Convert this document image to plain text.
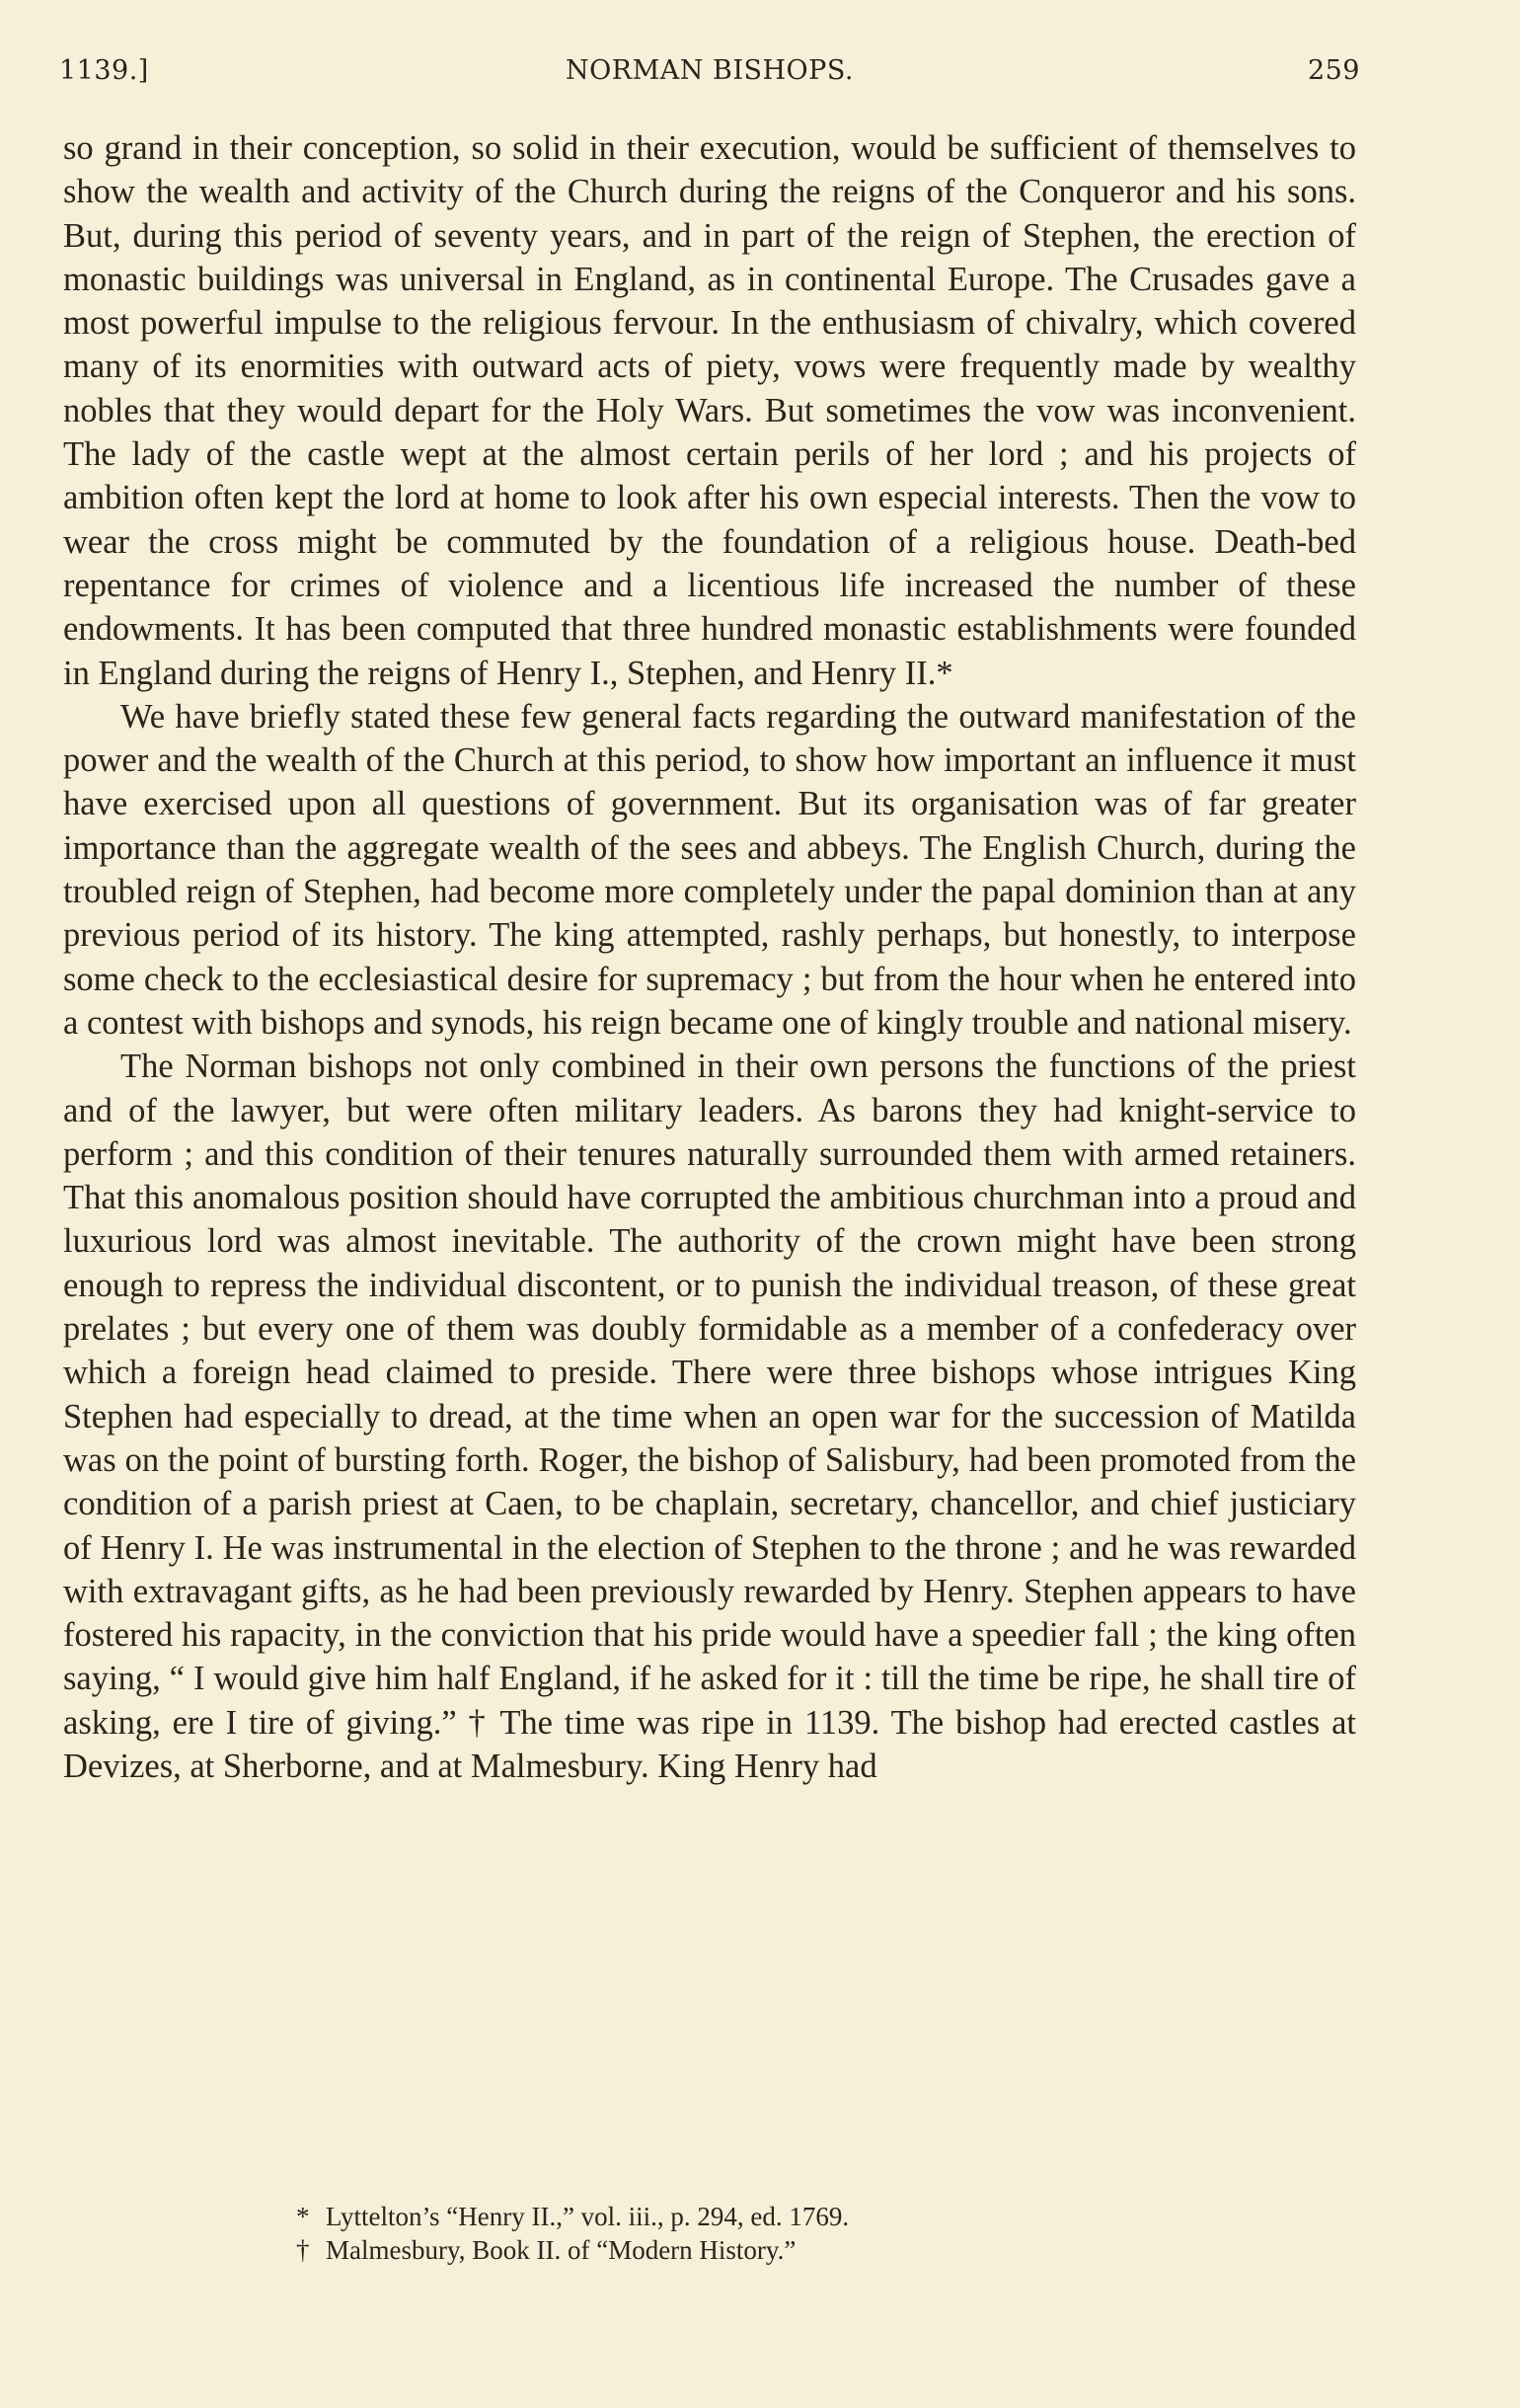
1139.]	NORMAN BISHOPS.	259

so grand in their conception, so solid in their execution, would be sufficient of themselves to show the wealth and activity of the Church during the reigns of the Conqueror and his sons. But, during this period of seventy years, and in part of the reign of Stephen, the erection of monastic buildings was universal in England, as in continental Europe. The Crusades gave a most powerful impulse to the religious fervour. In the enthusiasm of chivalry, which covered many of its enormities with outward acts of piety, vows were frequently made by wealthy nobles that they would depart for the Holy Wars. But sometimes the vow was inconvenient. The lady of the castle wept at the almost certain perils of her lord ; and his projects of ambition often kept the lord at home to look after his own especial interests. Then the vow to wear the cross might be commuted by the foundation of a religious house. Death-bed repentance for crimes of violence and a licentious life increased the number of these endowments. It has been computed that three hundred monastic establishments were founded in England during the reigns of Henry I., Stephen, and Henry II.*

We have briefly stated these few general facts regarding the outward manifestation of the power and the wealth of the Church at this period, to show how important an influence it must have exercised upon all questions of government. But its organisation was of far greater importance than the aggregate wealth of the sees and abbeys. The English Church, during the troubled reign of Stephen, had become more completely under the papal dominion than at any previous period of its history. The king attempted, rashly perhaps, but honestly, to interpose some check to the ecclesiastical desire for supremacy ; but from the hour when he entered into a contest with bishops and synods, his reign became one of kingly trouble and national misery.

The Norman bishops not only combined in their own persons the functions of the priest and of the lawyer, but were often military leaders. As barons they had knight-service to perform ; and this condition of their tenures naturally surrounded them with armed retainers. That this anomalous position should have corrupted the ambitious churchman into a proud and luxurious lord was almost inevitable. The authority of the crown might have been strong enough to repress the individual discontent, or to punish the individual treason, of these great prelates ; but every one of them was doubly formidable as a member of a confederacy over which a foreign head claimed to preside. There were three bishops whose intrigues King Stephen had especially to dread, at the time when an open war for the succession of Matilda was on the point of bursting forth. Roger, the bishop of Salisbury, had been promoted from the condition of a parish priest at Caen, to be chaplain, secretary, chancellor, and chief justiciary of Henry I. He was instrumental in the election of Stephen to the throne ; and he was rewarded with extravagant gifts, as he had been previously rewarded by Henry. Stephen appears to have fostered his rapacity, in the conviction that his pride would have a speedier fall ; the king often saying, “ I would give him half England, if he asked for it : till the time be ripe, he shall tire of asking, ere I tire of giving.” † The time was ripe in 1139. The bishop had erected castles at Devizes, at Sherborne, and at Malmesbury. King Henry had

* Lyttelton’s “Henry II.,” vol. iii., p. 294, ed. 1769.
† Malmesbury, Book II. of “Modern History.”
